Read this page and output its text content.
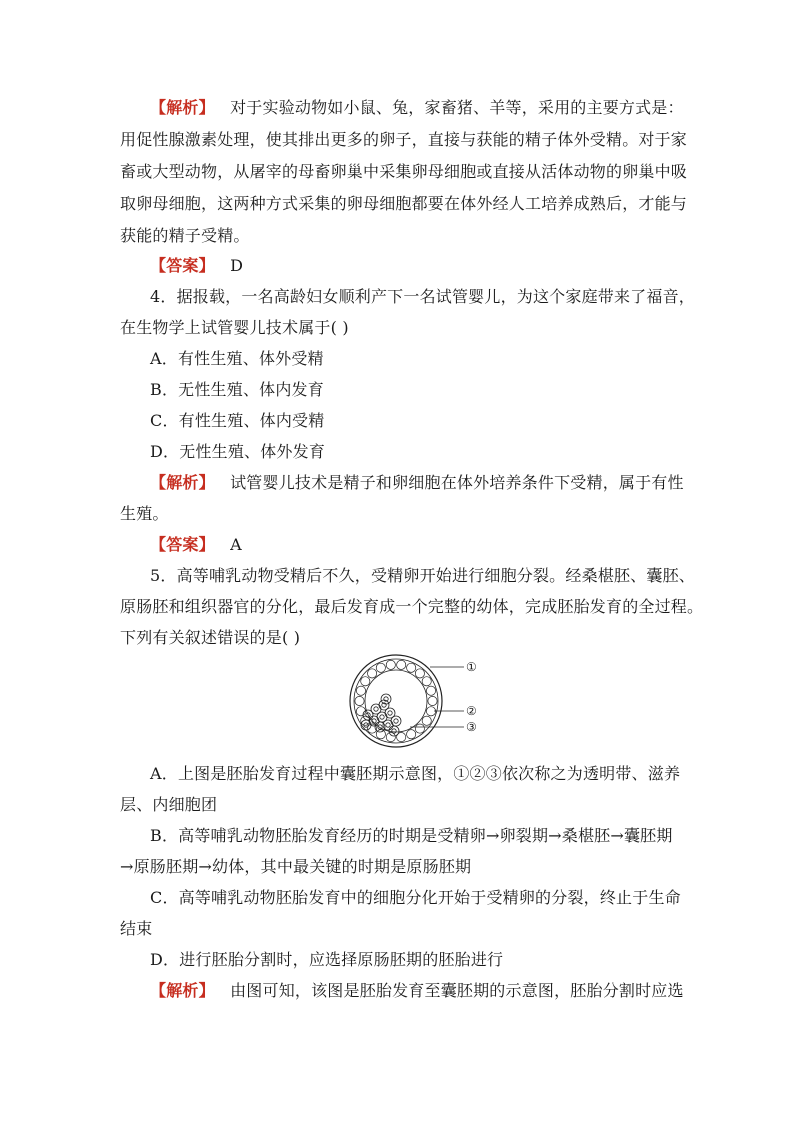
【解析】 对于实验动物如小鼠、兔，家畜猪、羊等，采用的主要方式是：
用促性腺激素处理，使其排出更多的卵子，直接与获能的精子体外受精。对于家
畜或大型动物，从屠宰的母畜卵巢中采集卵母细胞或直接从活体动物的卵巢中吸
取卵母细胞，这两种方式采集的卵母细胞都要在体外经人工培养成熟后，才能与
获能的精子受精。
【答案】 D
4．据报载，一名高龄妇女顺利产下一名试管婴儿，为这个家庭带来了福音，
在生物学上试管婴儿技术属于( )
A．有性生殖、体外受精
B．无性生殖、体内发育
C．有性生殖、体内受精
D．无性生殖、体外发育
【解析】 试管婴儿技术是精子和卵细胞在体外培养条件下受精，属于有性
生殖。
【答案】 A
5．高等哺乳动物受精后不久，受精卵开始进行细胞分裂。经桑椹胚、囊胚、
原肠胚和组织器官的分化，最后发育成一个完整的幼体，完成胚胎发育的全过程。
下列有关叙述错误的是( )
①
②
③
A．上图是胚胎发育过程中囊胚期示意图，①②③依次称之为透明带、滋养
层、内细胞团
B．高等哺乳动物胚胎发育经历的时期是受精卵→卵裂期→桑椹胚→囊胚期
→原肠胚期→幼体，其中最关键的时期是原肠胚期
C．高等哺乳动物胚胎发育中的细胞分化开始于受精卵的分裂，终止于生命
结束
D．进行胚胎分割时，应选择原肠胚期的胚胎进行
【解析】 由图可知，该图是胚胎发育至囊胚期的示意图，胚胎分割时应选
